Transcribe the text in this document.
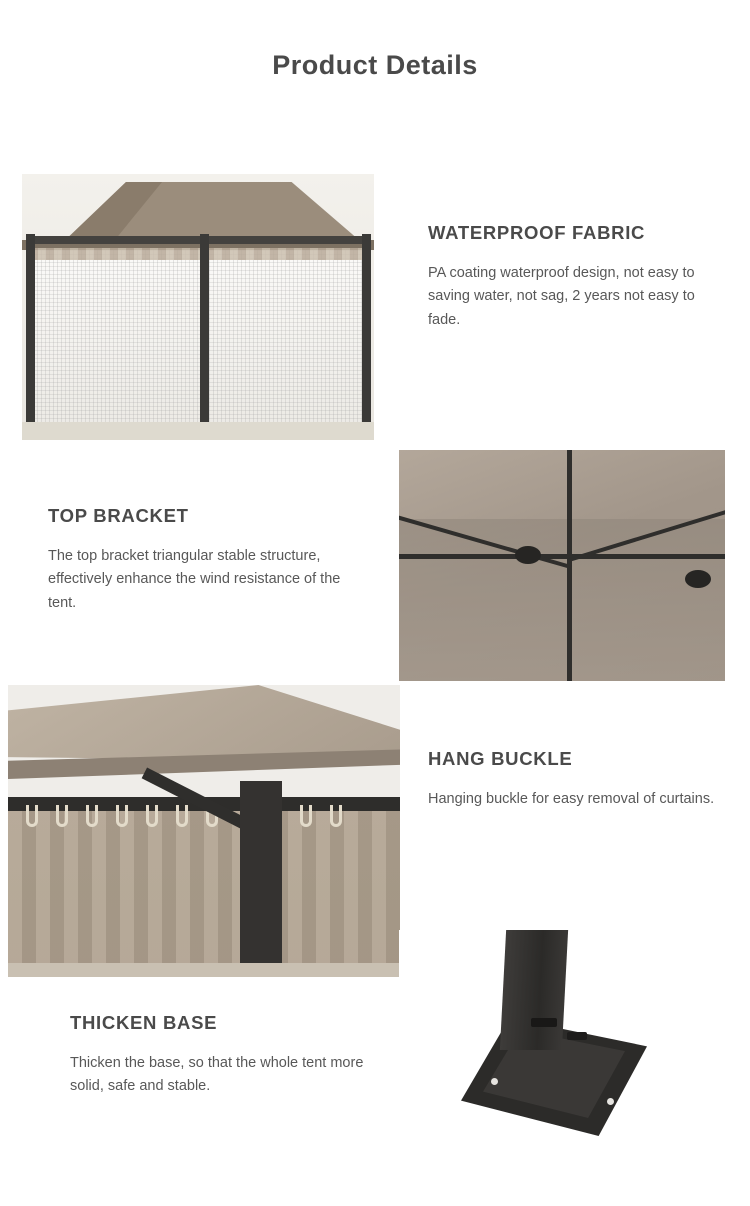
Product Details
WATERPROOF FABRIC

PA coating waterproof design, not easy to saving water, not sag, 2 years not easy to fade.

TOP BRACKET

The top bracket triangular stable structure, effectively enhance the wind resistance of the tent.

HANG BUCKLE

Hanging buckle for easy removal of curtains.

THICKEN BASE

Thicken the base, so that the whole tent more solid, safe and stable.
